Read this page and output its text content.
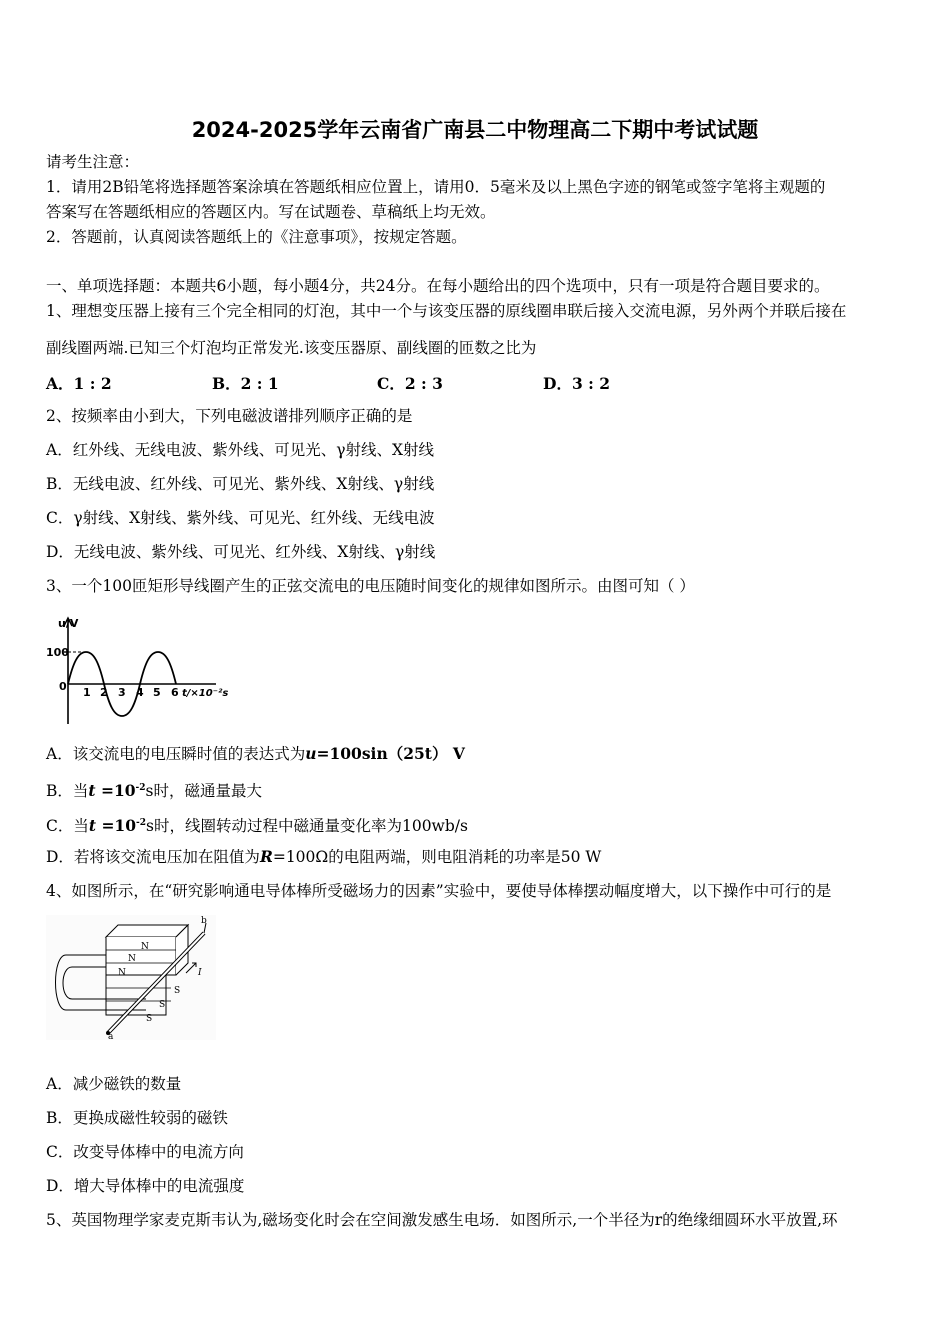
2024-2025学年云南省广南县二中物理高二下期中考试试题
请考生注意：
1．请用2B铅笔将选择题答案涂填在答题纸相应位置上，请用0．5毫米及以上黑色字迹的钢笔或签字笔将主观题的
答案写在答题纸相应的答题区内。写在试题卷、草稿纸上均无效。
2．答题前，认真阅读答题纸上的《注意事项》，按规定答题。
一、单项选择题：本题共6小题，每小题4分，共24分。在每小题给出的四个选项中，只有一项是符合题目要求的。
1、理想变压器上接有三个完全相同的灯泡，其中一个与该变压器的原线圈串联后接入交流电源，另外两个并联后接在
副线圈两端.已知三个灯泡均正常发光.该变压器原、副线圈的匝数之比为
A．1 : 2	B．2 : 1	C．2 : 3	D．3 : 2
2、按频率由小到大，下列电磁波谱排列顺序正确的是
A．红外线、无线电波、紫外线、可见光、γ射线、X射线
B．无线电波、红外线、可见光、紫外线、X射线、γ射线
C．γ射线、X射线、紫外线、可见光、红外线、无线电波
D．无线电波、紫外线、可见光、红外线、X射线、γ射线
3、一个100匝矩形导线圈产生的正弦交流电的电压随时间变化的规律如图所示。由图可知（ ）
u/V
100
0 1 2 3 4 5 6 t/×10⁻²s
A．该交流电的电压瞬时值的表达式为u=100sin（25t） V
B．当$t =10^{-2}s$时，磁通量最大
C．当$t =10^{-2}s$时，线圈转动过程中磁通量变化率为100wb/s
D．若将该交流电压加在阻值为R=100Ω的电阻两端，则电阻消耗的功率是50 W
4、如图所示，在“研究影响通电导体棒所受磁场力的因素”实验中，要使导体棒摆动幅度增大，以下操作中可行的是
N
N
N
S
S
S
b
a
I
A．减少磁铁的数量
B．更换成磁性较弱的磁铁
C．改变导体棒中的电流方向
D．增大导体棒中的电流强度
5、英国物理学家麦克斯韦认为,磁场变化时会在空间激发感生电场．如图所示,一个半径为r的绝缘细圆环水平放置,环
